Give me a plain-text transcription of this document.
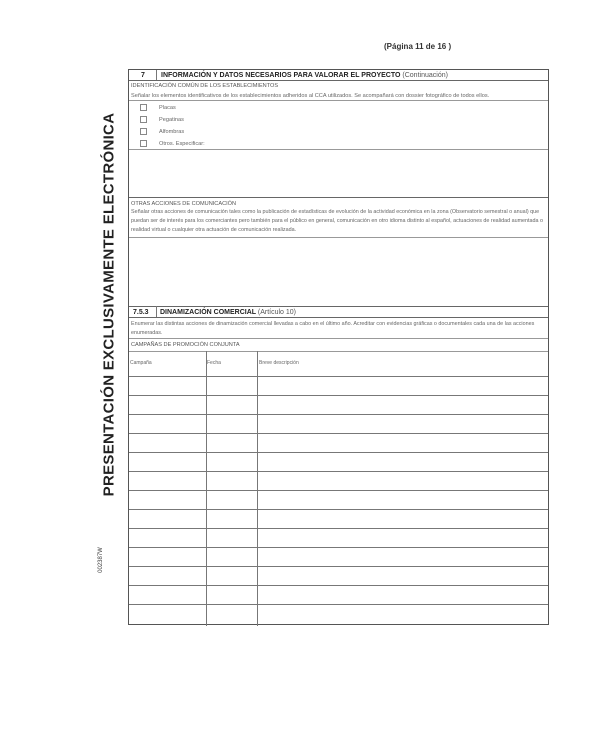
(Página 11 de 16 )
PRESENTACIÓN EXCLUSIVAMENTE ELECTRÓNICA
002387W
7 INFORMACIÓN Y DATOS NECESARIOS PARA VALORAR EL PROYECTO (Continuación)
IDENTIFICACIÓN COMÚN DE LOS ESTABLECIMIENTOS
Señalar los elementos identificativos de los establecimientos adheridos al CCA utilizados. Se acompañará con dossier fotográfico de todos ellos.
Placas
Pegatinas
Alfombras
Otros. Especificar:
OTRAS ACCIONES DE COMUNICACIÓN
Señalar otras acciones de comunicación tales como la publicación de estadísticas de evolución de la actividad económica en la zona (Observatorio semestral o anual) que puedan ser de interés para los comerciantes pero también para el público en general, comunicación en otro idioma distinto al español, actuaciones de realidad aumentada o realidad virtual o cualquier otra actuación de comunicación realizada.
7.5.3 DINAMIZACIÓN COMERCIAL (Artículo 10)
Enumerar las distintas acciones de dinamización comercial llevadas a cabo en el último año. Acreditar con evidencias gráficas o documentales cada una de las acciones enumeradas.
CAMPAÑAS DE PROMOCIÓN CONJUNTA
Campaña	Fecha	Breve descripción
